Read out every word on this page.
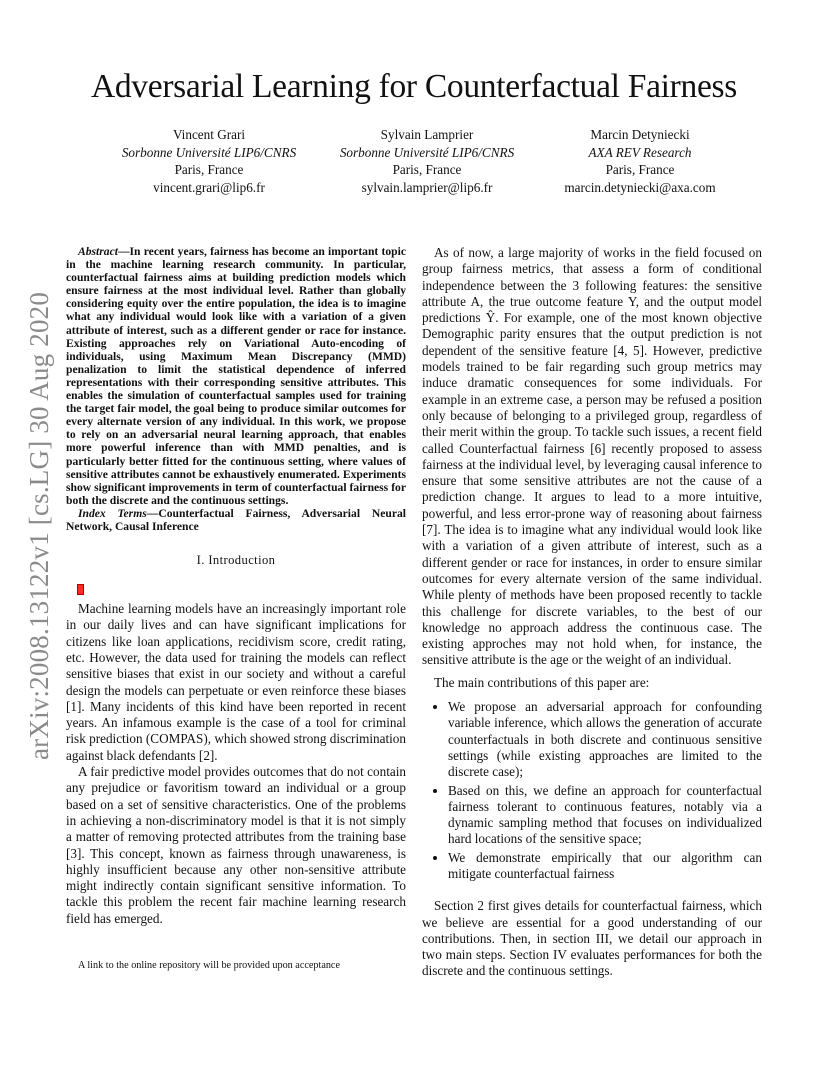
Adversarial Learning for Counterfactual Fairness
Vincent Grari
Sorbonne Université LIP6/CNRS
Paris, France
vincent.grari@lip6.fr
Sylvain Lamprier
Sorbonne Université LIP6/CNRS
Paris, France
sylvain.lamprier@lip6.fr
Marcin Detyniecki
AXA REV Research
Paris, France
marcin.detyniecki@axa.com
arXiv:2008.13122v1 [cs.LG] 30 Aug 2020

Abstract—In recent years, fairness has become an important topic in the machine learning research community. In particular, counterfactual fairness aims at building prediction models which ensure fairness at the most individual level. Rather than globally considering equity over the entire population, the idea is to imagine what any individual would look like with a variation of a given attribute of interest, such as a different gender or race for instance. Existing approaches rely on Variational Auto-encoding of individuals, using Maximum Mean Discrepancy (MMD) penalization to limit the statistical dependence of inferred representations with their corresponding sensitive attributes. This enables the simulation of counterfactual samples used for training the target fair model, the goal being to produce similar outcomes for every alternate version of any individual. In this work, we propose to rely on an adversarial neural learning approach, that enables more powerful inference than with MMD penalties, and is particularly better fitted for the continuous setting, where values of sensitive attributes cannot be exhaustively enumerated. Experiments show significant improvements in term of counterfactual fairness for both the discrete and the continuous settings.

Index Terms—Counterfactual Fairness, Adversarial Neural Network, Causal Inference

I. Introduction

Machine learning models have an increasingly important role in our daily lives and can have significant implications for citizens like loan applications, recidivism score, credit rating, etc. However, the data used for training the models can reflect sensitive biases that exist in our society and without a careful design the models can perpetuate or even reinforce these biases [1]. Many incidents of this kind have been reported in recent years. An infamous example is the case of a tool for criminal risk prediction (COMPAS), which showed strong discrimination against black defendants [2].

A fair predictive model provides outcomes that do not contain any prejudice or favoritism toward an individual or a group based on a set of sensitive characteristics. One of the problems in achieving a non-discriminatory model is that it is not simply a matter of removing protected attributes from the training base [3]. This concept, known as fairness through unawareness, is highly insufficient because any other non-sensitive attribute might indirectly contain significant sensitive information. To tackle this problem the recent fair machine learning research field has emerged.

A link to the online repository will be provided upon acceptance

As of now, a large majority of works in the field focused on group fairness metrics, that assess a form of conditional independence between the 3 following features: the sensitive attribute A, the true outcome feature Y, and the output model predictions Ŷ. For example, one of the most known objective Demographic parity ensures that the output prediction is not dependent of the sensitive feature [4, 5]. However, predictive models trained to be fair regarding such group metrics may induce dramatic consequences for some individuals. For example in an extreme case, a person may be refused a position only because of belonging to a privileged group, regardless of their merit within the group. To tackle such issues, a recent field called Counterfactual fairness [6] recently proposed to assess fairness at the individual level, by leveraging causal inference to ensure that some sensitive attributes are not the cause of a prediction change. It argues to lead to a more intuitive, powerful, and less error-prone way of reasoning about fairness [7]. The idea is to imagine what any individual would look like with a variation of a given attribute of interest, such as a different gender or race for instances, in order to ensure similar outcomes for every alternate version of the same individual. While plenty of methods have been proposed recently to tackle this challenge for discrete variables, to the best of our knowledge no approach address the continuous case. The existing approches may not hold when, for instance, the sensitive attribute is the age or the weight of an individual.

The main contributions of this paper are:

• We propose an adversarial approach for confounding variable inference, which allows the generation of accurate counterfactuals in both discrete and continuous sensitive settings (while existing approaches are limited to the discrete case);
• Based on this, we define an approach for counterfactual fairness tolerant to continuous features, notably via a dynamic sampling method that focuses on individualized hard locations of the sensitive space;
• We demonstrate empirically that our algorithm can mitigate counterfactual fairness

Section 2 first gives details for counterfactual fairness, which we believe are essential for a good understanding of our contributions. Then, in section III, we detail our approach in two main steps. Section IV evaluates performances for both the discrete and the continuous settings.
